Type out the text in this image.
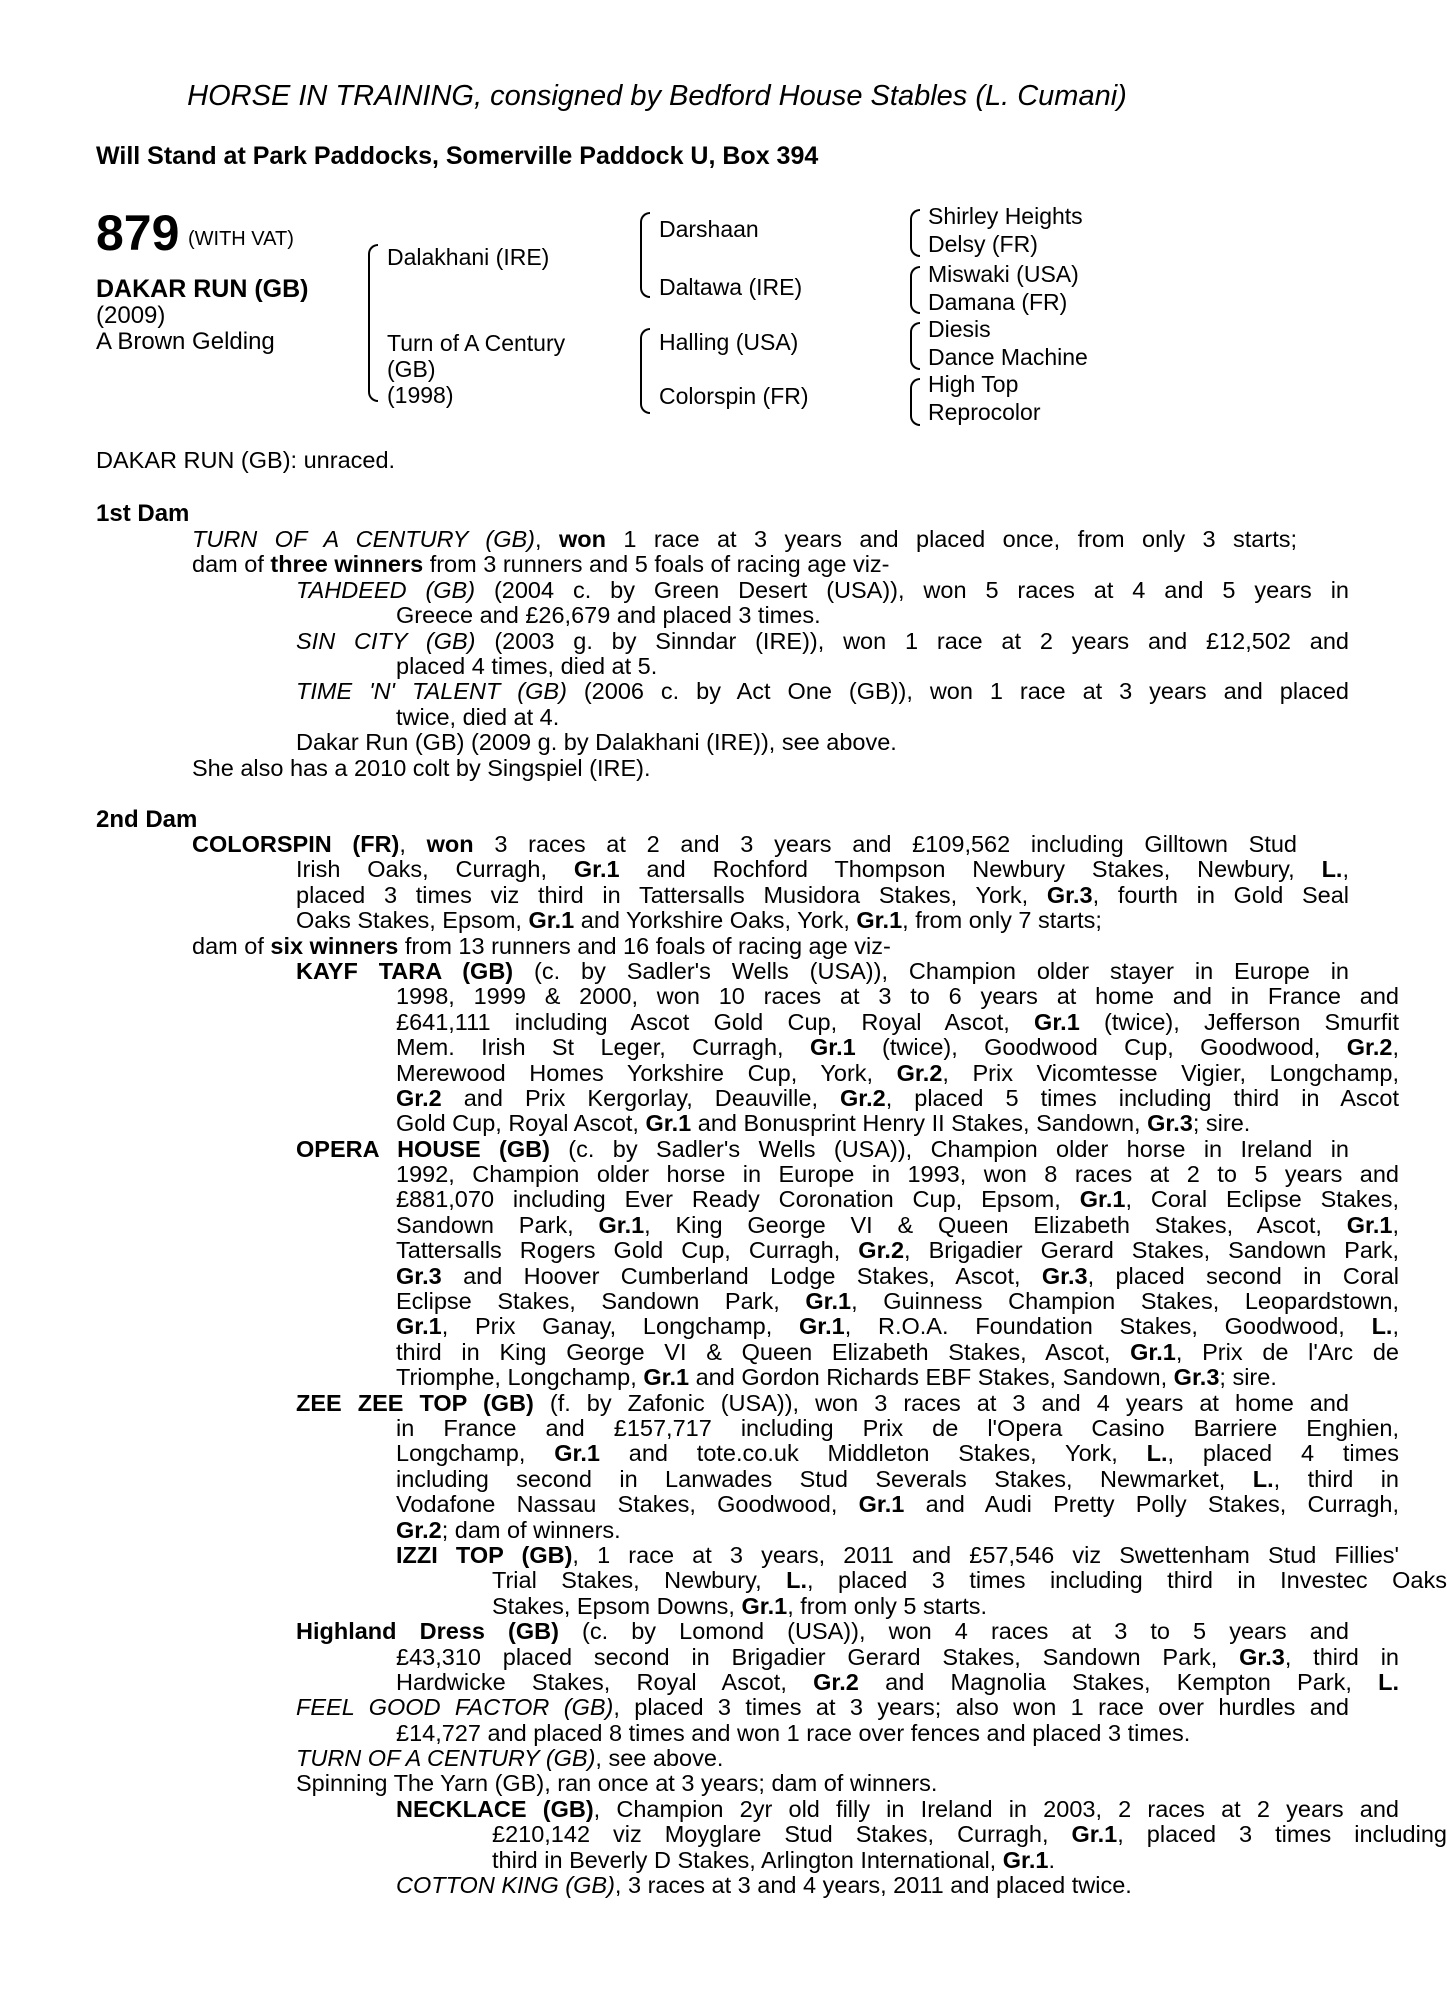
HORSE IN TRAINING, consigned by Bedford House Stables (L. Cumani)
Will Stand at Park Paddocks, Somerville Paddock U, Box 394
879 (WITH VAT)
DAKAR RUN (GB)
(2009)
A Brown Gelding
Dalakhani (IRE)
Turn of A Century
(GB)
(1998)
Darshaan
Daltawa (IRE)
Halling (USA)
Colorspin (FR)
Shirley Heights
Delsy (FR)
Miswaki (USA)
Damana (FR)
Diesis
Dance Machine
High Top
Reprocolor
DAKAR RUN (GB): unraced.
1st Dam
TURN OF A CENTURY (GB), won 1 race at 3 years and placed once, from only 3 starts;
dam of three winners from 3 runners and 5 foals of racing age viz-
TAHDEED (GB) (2004 c. by Green Desert (USA)), won 5 races at 4 and 5 years in
Greece and £26,679 and placed 3 times.
SIN CITY (GB) (2003 g. by Sinndar (IRE)), won 1 race at 2 years and £12,502 and
placed 4 times, died at 5.
TIME 'N' TALENT (GB) (2006 c. by Act One (GB)), won 1 race at 3 years and placed
twice, died at 4.
Dakar Run (GB) (2009 g. by Dalakhani (IRE)), see above.
She also has a 2010 colt by Singspiel (IRE).
2nd Dam
COLORSPIN (FR), won 3 races at 2 and 3 years and £109,562 including Gilltown Stud
Irish Oaks, Curragh, Gr.1 and Rochford Thompson Newbury Stakes, Newbury, L.,
placed 3 times viz third in Tattersalls Musidora Stakes, York, Gr.3, fourth in Gold Seal
Oaks Stakes, Epsom, Gr.1 and Yorkshire Oaks, York, Gr.1, from only 7 starts;
dam of six winners from 13 runners and 16 foals of racing age viz-
KAYF TARA (GB) (c. by Sadler's Wells (USA)), Champion older stayer in Europe in
1998, 1999 & 2000, won 10 races at 3 to 6 years at home and in France and
£641,111 including Ascot Gold Cup, Royal Ascot, Gr.1 (twice), Jefferson Smurfit
Mem. Irish St Leger, Curragh, Gr.1 (twice), Goodwood Cup, Goodwood, Gr.2,
Merewood Homes Yorkshire Cup, York, Gr.2, Prix Vicomtesse Vigier, Longchamp,
Gr.2 and Prix Kergorlay, Deauville, Gr.2, placed 5 times including third in Ascot
Gold Cup, Royal Ascot, Gr.1 and Bonusprint Henry II Stakes, Sandown, Gr.3; sire.
OPERA HOUSE (GB) (c. by Sadler's Wells (USA)), Champion older horse in Ireland in
1992, Champion older horse in Europe in 1993, won 8 races at 2 to 5 years and
£881,070 including Ever Ready Coronation Cup, Epsom, Gr.1, Coral Eclipse Stakes,
Sandown Park, Gr.1, King George VI & Queen Elizabeth Stakes, Ascot, Gr.1,
Tattersalls Rogers Gold Cup, Curragh, Gr.2, Brigadier Gerard Stakes, Sandown Park,
Gr.3 and Hoover Cumberland Lodge Stakes, Ascot, Gr.3, placed second in Coral
Eclipse Stakes, Sandown Park, Gr.1, Guinness Champion Stakes, Leopardstown,
Gr.1, Prix Ganay, Longchamp, Gr.1, R.O.A. Foundation Stakes, Goodwood, L.,
third in King George VI & Queen Elizabeth Stakes, Ascot, Gr.1, Prix de l'Arc de
Triomphe, Longchamp, Gr.1 and Gordon Richards EBF Stakes, Sandown, Gr.3; sire.
ZEE ZEE TOP (GB) (f. by Zafonic (USA)), won 3 races at 3 and 4 years at home and
in France and £157,717 including Prix de l'Opera Casino Barriere Enghien,
Longchamp, Gr.1 and tote.co.uk Middleton Stakes, York, L., placed 4 times
including second in Lanwades Stud Severals Stakes, Newmarket, L., third in
Vodafone Nassau Stakes, Goodwood, Gr.1 and Audi Pretty Polly Stakes, Curragh,
Gr.2; dam of winners.
IZZI TOP (GB), 1 race at 3 years, 2011 and £57,546 viz Swettenham Stud Fillies'
Trial Stakes, Newbury, L., placed 3 times including third in Investec Oaks
Stakes, Epsom Downs, Gr.1, from only 5 starts.
Highland Dress (GB) (c. by Lomond (USA)), won 4 races at 3 to 5 years and
£43,310 placed second in Brigadier Gerard Stakes, Sandown Park, Gr.3, third in
Hardwicke Stakes, Royal Ascot, Gr.2 and Magnolia Stakes, Kempton Park, L.
FEEL GOOD FACTOR (GB), placed 3 times at 3 years; also won 1 race over hurdles and
£14,727 and placed 8 times and won 1 race over fences and placed 3 times.
TURN OF A CENTURY (GB), see above.
Spinning The Yarn (GB), ran once at 3 years; dam of winners.
NECKLACE (GB), Champion 2yr old filly in Ireland in 2003, 2 races at 2 years and
£210,142 viz Moyglare Stud Stakes, Curragh, Gr.1, placed 3 times including
third in Beverly D Stakes, Arlington International, Gr.1.
COTTON KING (GB), 3 races at 3 and 4 years, 2011 and placed twice.
